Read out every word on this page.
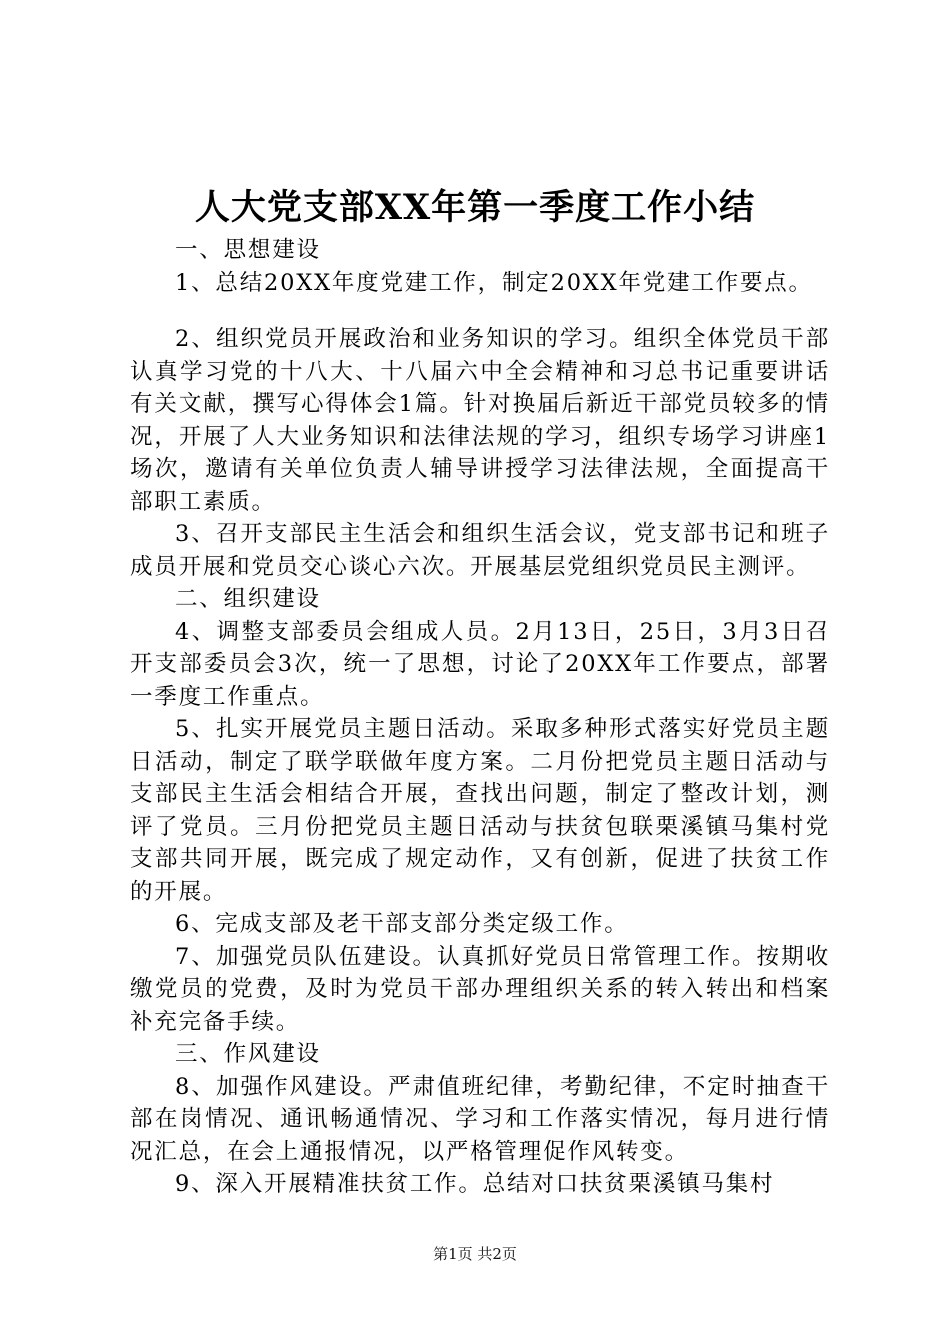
人大党支部XX年第一季度工作小结

一、思想建设

1、总结20XX年度党建工作，制定20XX年党建工作要点。

2、组织党员开展政治和业务知识的学习。组织全体党员干部认真学习党的十八大、十八届六中全会精神和习总书记重要讲话有关文献，撰写心得体会1篇。针对换届后新近干部党员较多的情况，开展了人大业务知识和法律法规的学习，组织专场学习讲座1场次，邀请有关单位负责人辅导讲授学习法律法规，全面提高干部职工素质。

3、召开支部民主生活会和组织生活会议，党支部书记和班子成员开展和党员交心谈心六次。开展基层党组织党员民主测评。

二、组织建设

4、调整支部委员会组成人员。2月13日，25日，3月3日召开支部委员会3次，统一了思想，讨论了20XX年工作要点，部署一季度工作重点。

5、扎实开展党员主题日活动。采取多种形式落实好党员主题日活动，制定了联学联做年度方案。二月份把党员主题日活动与支部民主生活会相结合开展，查找出问题，制定了整改计划，测评了党员。三月份把党员主题日活动与扶贫包联栗溪镇马集村党支部共同开展，既完成了规定动作，又有创新，促进了扶贫工作的开展。

6、完成支部及老干部支部分类定级工作。

7、加强党员队伍建设。认真抓好党员日常管理工作。按期收缴党员的党费，及时为党员干部办理组织关系的转入转出和档案补充完备手续。

三、作风建设

8、加强作风建设。严肃值班纪律，考勤纪律，不定时抽查干部在岗情况、通讯畅通情况、学习和工作落实情况，每月进行情况汇总，在会上通报情况，以严格管理促作风转变。

9、深入开展精准扶贫工作。总结对口扶贫栗溪镇马集村

第1页 共2页
